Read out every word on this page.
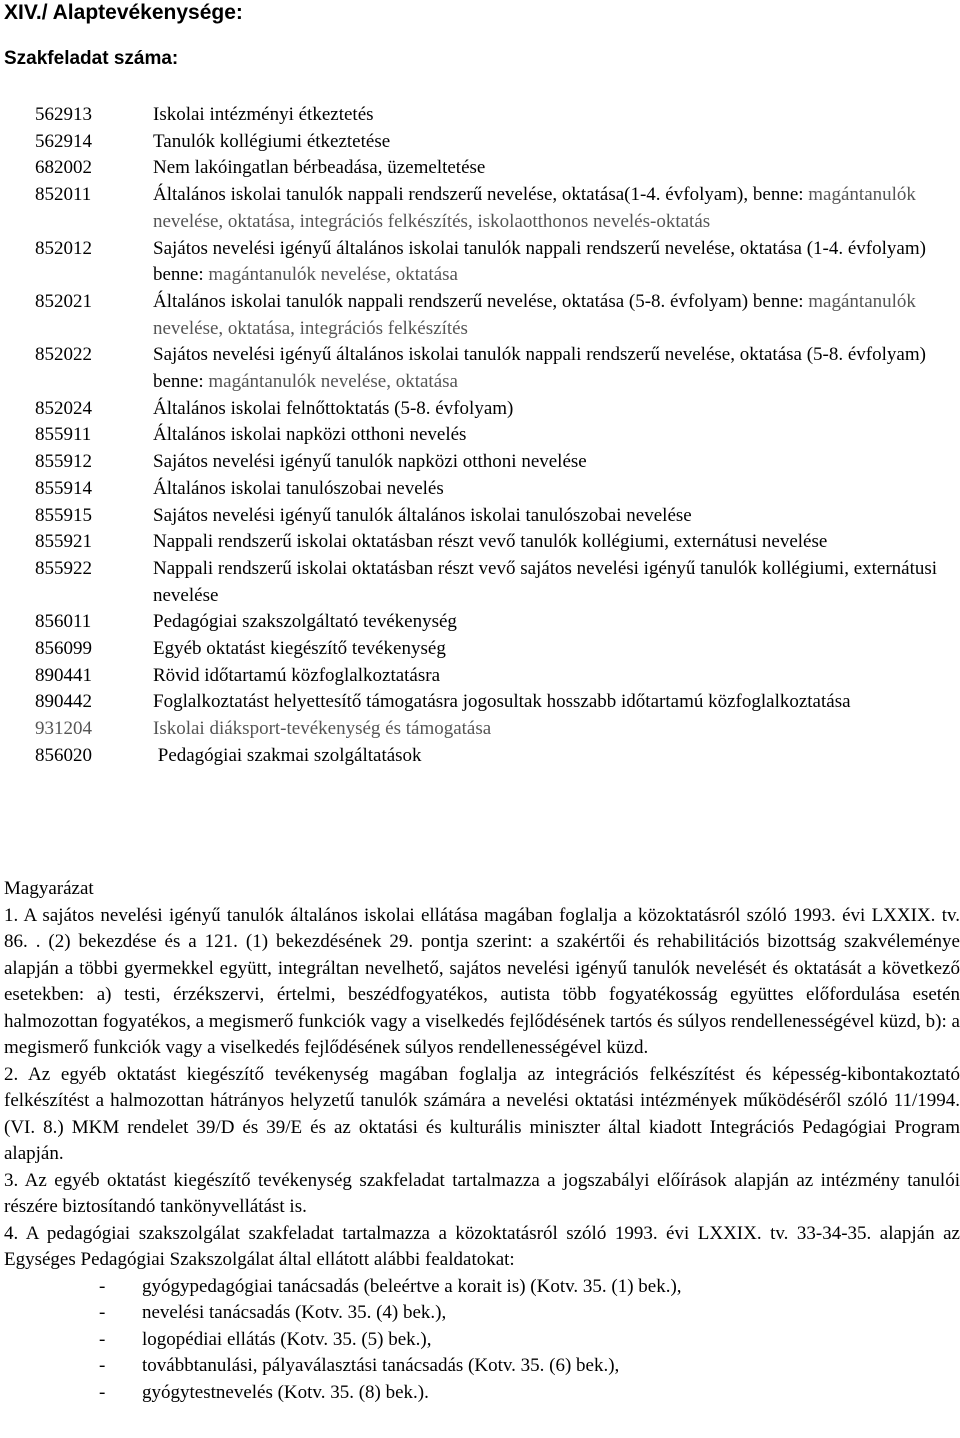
XIV./ Alaptevékenysége:
Szakfeladat száma:
562913	Iskolai intézményi étkeztetés
562914	Tanulók kollégiumi étkeztetése
682002	Nem lakóingatlan bérbeadása, üzemeltetése
852011	Általános iskolai tanulók nappali rendszerű nevelése, oktatása(1-4. évfolyam), benne: magántanulók nevelése, oktatása, integrációs felkészítés, iskolaotthonos nevelés-oktatás
852012	Sajátos nevelési igényű általános iskolai tanulók nappali rendszerű nevelése, oktatása (1-4. évfolyam) benne: magántanulók nevelése, oktatása
852021	Általános iskolai tanulók nappali rendszerű nevelése, oktatása (5-8. évfolyam) benne: magántanulók nevelése, oktatása, integrációs felkészítés
852022	Sajátos nevelési igényű általános iskolai tanulók nappali rendszerű nevelése, oktatása (5-8. évfolyam) benne: magántanulók nevelése, oktatása
852024	Általános iskolai felnőttoktatás (5-8. évfolyam)
855911	Általános iskolai napközi otthoni nevelés
855912	Sajátos nevelési igényű tanulók napközi otthoni nevelése
855914	Általános iskolai tanulószobai nevelés
855915	Sajátos nevelési igényű tanulók általános iskolai tanulószobai nevelése
855921	Nappali rendszerű iskolai oktatásban részt vevő tanulók kollégiumi, externátusi nevelése
855922	Nappali rendszerű iskolai oktatásban részt vevő sajátos nevelési igényű tanulók kollégiumi, externátusi nevelése
856011	Pedagógiai szakszolgáltató tevékenység
856099	Egyéb oktatást kiegészítő tevékenység
890441	Rövid időtartamú közfoglalkoztatásra
890442	Foglalkoztatást helyettesítő támogatásra jogosultak hosszabb időtartamú közfoglalkoztatása
931204	Iskolai diáksport-tevékenység és támogatása
856020	Pedagógiai szakmai szolgáltatások

Magyarázat

1. A sajátos nevelési igényű tanulók általános iskolai ellátása magában foglalja a közoktatásról szóló 1993. évi LXXIX. tv. 86. . (2) bekezdése és a 121. (1) bekezdésének 29. pontja szerint: a szakértői és rehabilitációs bizottság szakvéleménye alapján a többi gyermekkel együtt, integráltan nevelhető, sajátos nevelési igényű tanulók nevelését és oktatását a következő esetekben: a) testi, érzékszervi, értelmi, beszédfogyatékos, autista több fogyatékosság együttes előfordulása esetén halmozottan fogyatékos, a megismerő funkciók vagy a viselkedés fejlődésének tartós és súlyos rendellenességével küzd, b): a megismerő funkciók vagy a viselkedés fejlődésének súlyos rendellenességével küzd.

2. Az egyéb oktatást kiegészítő tevékenység magában foglalja az integrációs felkészítést és képesség-kibontakoztató felkészítést a halmozottan hátrányos helyzetű tanulók számára a nevelési oktatási intézmények működéséről szóló 11/1994. (VI. 8.) MKM rendelet 39/D és 39/E és az oktatási és kulturális miniszter által kiadott Integrációs Pedagógiai Program alapján.

3. Az egyéb oktatást kiegészítő tevékenység szakfeladat tartalmazza a jogszabályi előírások alapján az intézmény tanulói részére biztosítandó tankönyvellátást is.

4. A pedagógiai szakszolgálat szakfeladat tartalmazza a közoktatásról szóló 1993. évi LXXIX. tv. 33-34-35. alapján az Egységes Pedagógiai Szakszolgálat által ellátott alábbi fealdatokat:

-	gyógypedagógiai tanácsadás (beleértve a korait is) (Kotv. 35. (1) bek.),
-	nevelési tanácsadás (Kotv. 35. (4) bek.),
-	logopédiai ellátás (Kotv. 35. (5) bek.),
-	továbbtanulási, pályaválasztási tanácsadás (Kotv. 35. (6) bek.),
-	gyógytestnevelés (Kotv. 35. (8) bek.).
